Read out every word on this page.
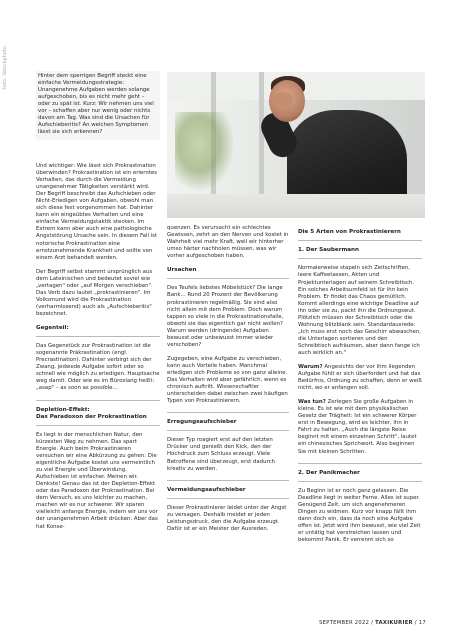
Foto: iStockphoto	Hinter dem sperrigen Begriff steckt eine einfache Vermeidungsstrategie: Unangenehme Aufgaben werden solange aufgeschoben, bis es nicht mehr geht – oder zu spät ist. Kurz: Wir nehmen uns viel vor – schaffen aber nur wenig oder nichts davon am Tag. Was sind die Ursachen für Aufschieberitis? An welchen Symptomen lässt sie sich erkennen?

Und wichtiger: Wie lässt sich Prokrastination überwinden? Prokrastination ist ein erlerntes Verhalten, das durch die Vermeidung unangenehmer Tätigkeiten verstärkt wird. Der Begriff beschreibt das Aufschieben oder Nicht-Erledigen von Aufgaben, obwohl man sich diese fest vorgenommen hat. Dahinter kann ein eingeübtes Verhalten und eine einfache Vermeidungstaktik stecken. Im Extrem kann aber auch eine pathologische Angststörung Ursache sein. In diesem Fall ist notorische Prokrastination eine ernstzunehmende Krankheit und sollte von einem Arzt behandelt werden.

Der Begriff selbst stammt ursprünglich aus dem Lateinischen und bedeutet soviel wie „vertagen" oder „auf Morgen verschieben". Das Verb dazu lautet „prokrastinieren". Im Volksmund wird die Prokrastination (verharmlosend) auch als „Aufschieberitis" bezeichnet.

Gegenteil:

Das Gegenstück zur Prokrastination ist die sogenannte Präkrastination (engl. Precrastination). Dahinter verbirgt sich der Zwang, jedwede Aufgabe sofort oder so schnell wie möglich zu erledigen. Hauptsache weg damit. Oder wie es im Büroslang heißt: „asap" – as soon as possible...

Depletion-Effekt:
Das Paradoxon der Prokrastination

Es liegt in der menschlichen Natur, den kürzesten Weg zu nehmen. Das spart Energie. Auch beim Prokrastinieren versuchen wir eine Abkürzung zu gehen: Die eigentliche Aufgabe kostet uns vermeintlich zu viel Energie und Überwindung. Aufschieben ist einfacher. Meinen wir. Denkste! Genau das ist der Depletion-Effekt oder das Paradoxon der Prokrastination. Bei dem Versuch, es uns leichter zu machen, machen wir es nur schwerer. Wir sparen vielleicht anfangs Energie, indem wir uns vor der unangenehmen Arbeit drücken. Aber das hat Konse-

quenzen. Es verursacht ein schlechtes Gewissen, zehrt an den Nerven und kostet in Wahrheit viel mehr Kraft, weil wir hinterher umso härter nachholen müssen, was wir vorher aufgeschoben haben.

Ursachen

Des Teufels liebstes Möbelstück? Die lange Bank... Rund 20 Prozent der Bevölkerung prokrastinieren regelmäßig. Sie sind also nicht allein mit dem Problem. Doch warum tappen so viele in die Prokrastinationsfalle, obwohl sie das eigentlich gar nicht wollen? Warum werden (dringende) Aufgaben bewusst oder unbewusst immer wieder verschoben?

Zugegeben, eine Aufgabe zu verschieben, kann auch Vorteile haben. Manchmal erledigen sich Probleme so von ganz alleine. Das Verhalten wird aber gefährlich, wenn es chronisch auftritt. Wissenschaftler unterscheiden dabei zwischen zwei häufigen Typen von Prokrastinierern.

Erregungsaufschieber

Dieser Typ roagiert erst auf den letzten Drücker und genießt den Kick, den der Hochdruck zum Schluss erzeugt. Viele Betroffene sind überzeugt, erst dadurch kreativ zu werden.

Vermeidungsaufschieber

Dieser Prokrastinierer leidet unter der Angst zu versagen. Deshalb meidet er jeden Leistungsdruck, den die Aufgabe erzeugt. Dafür ist er ein Meister der Ausreden.

Die 5 Arten von Prokrastinierern
1. Der Saubermann

Normalerweise stapeln sich Zeitschriften, leere Kaffeetassen, Akten und Projektunterlagen auf seinem Schreibtisch. Ein solches Arbeitsumfeld ist für ihn kein Problem. Er findet das Chaos gemütlich. Kommt allerdings eine wichtige Deadline auf ihn oder sie zu, packt ihn die Ordnungswut. Plötzlich müssen der Schreibtisch oder die Wohnung blitzblank sein. Standardausrede: „Ich muss erst noch das Geschirr abwaschen, die Unterlagen sortieren und den Schreibtisch aufräumen, aber dann fange ich auch wirklich an."

Warum? Angesichts der vor ihm liegenden Aufgabe fühlt er sich überfordert und hat das Bedürfnis, Ordnung zu schaffen, denn er weiß nicht, wo er anfangen soll.

Was tun? Zerlegen Sie große Aufgaben in kleine. Es ist wie mit dem physikalischen Gesetz der Trägheit: Ist ein schwerer Körper erst in Bewegung, wird es leichter, ihn in Fahrt zu halten. „Auch die längste Reise beginnt mit einem einzelnen Schritt", lautet ein chinesisches Sprichwort. Also beginnen Sie mit kleinen Schritten.

2. Der Panikmacher

Zu Beginn ist er noch ganz gelassen. Die Deadline liegt in weiter Ferne. Alles ist super. Genügend Zeit, um sich angenehmeren Dingen zu widmen. Kurz vor knapp fällt ihm dann doch ein, dass da noch eine Aufgabe offen ist. Jetzt wird ihm bewusst, wie viel Zeit er untätig hat verstreichen lassen und bekommt Panik. Er verrennt sich so

SEPTEMBER 2022 / TAXIKURIER / 17
